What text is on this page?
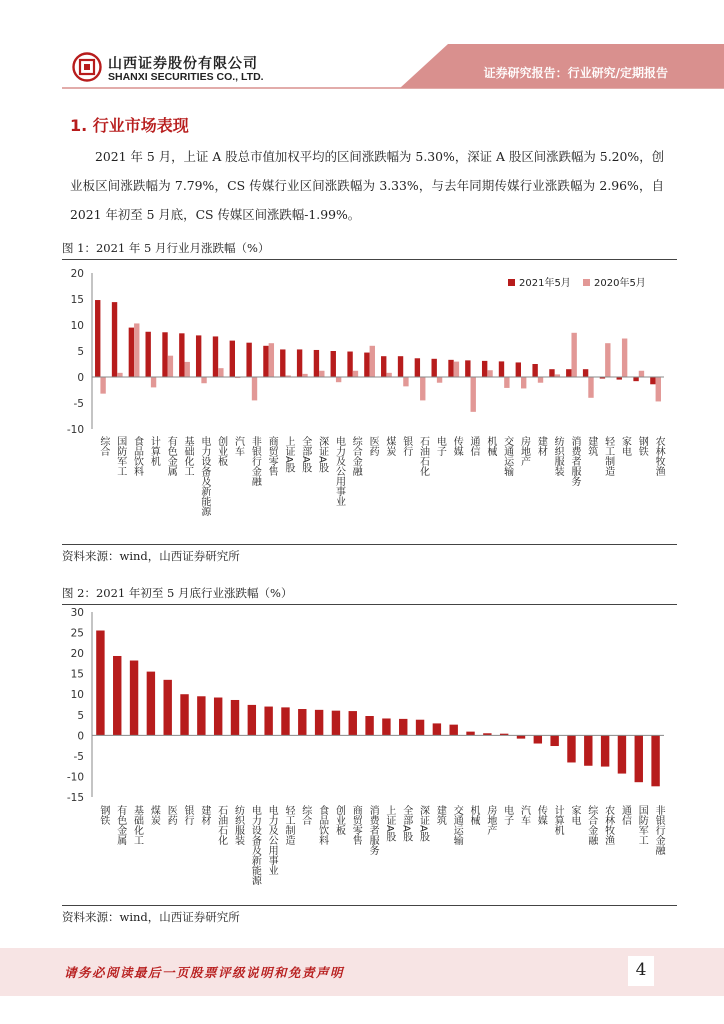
山西证券股份有限公司
SHANXI SECURITIES CO., LTD.	证券研究报告：行业研究/定期报告
1. 行业市场表现
2021 年 5 月，上证 A 股总市值加权平均的区间涨跌幅为 5.30%，深证 A 股区间涨跌幅为 5.20%，创业板区间涨跌幅为 7.79%，CS 传媒行业区间涨跌幅为 3.33%，与去年同期传媒行业涨跌幅为 2.96%，自 2021 年初至 5 月底，CS 传媒区间涨跌幅-1.99%。
图 1：2021 年 5 月行业月涨跌幅（%）
-10
-5
0
5
10
15
20
综合 国防军工 食品饮料 计算机 有色金属 基础化工 电力设备及新能源 创业板 汽车 非银行金融 商贸零售 上证A股 全部A股 深证A股 电力及公用事业 综合金融 医药 煤炭 银行 石油石化 电子 传媒 通信 机械 交通运输 房地产 建材 纺织服装 消费者服务 建筑 轻工制造 家电 钢铁 农林牧渔
2021年5月 2020年5月
资料来源：wind，山西证券研究所
图 2：2021 年初至 5 月底行业涨跌幅（%）
-15
-10
-5
0
5
10
15
20
25
30
钢铁 有色金属 基础化工 煤炭 医药 银行 建材 石油石化 纺织服装 电力设备及新能源 电力及公用事业 轻工制造 综合 食品饮料 创业板 商贸零售 消费者服务 上证A股 全部A股 深证A股 建筑 交通运输 机械 房地产 电子 汽车 传媒 计算机 家电 综合金融 农林牧渔 通信 国防军工 非银行金融
资料来源：wind，山西证券研究所
请务必阅读最后一页股票评级说明和免责声明	4
